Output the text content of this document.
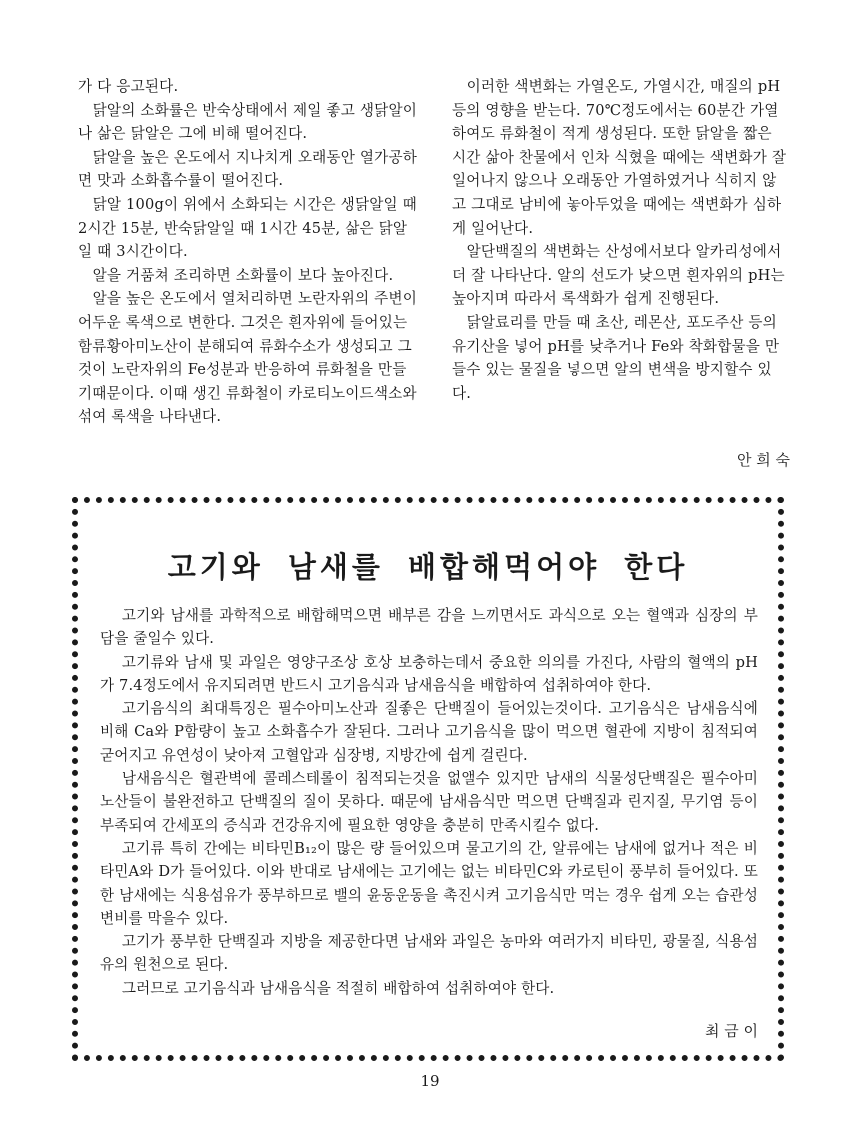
가 다 응고된다.

닭알의 소화률은 반숙상태에서 제일 좋고 생닭알이나 삶은 닭알은 그에 비해 떨어진다.

닭알을 높은 온도에서 지나치게 오래동안 열가공하면 맛과 소화흡수률이 떨어진다.

닭알 100g이 위에서 소화되는 시간은 생닭알일 때 2시간 15분, 반숙닭알일 때 1시간 45분, 삶은 닭알일 때 3시간이다.

알을 거품쳐 조리하면 소화률이 보다 높아진다.

알을 높은 온도에서 열처리하면 노란자위의 주변이 어두운 록색으로 변한다. 그것은 흰자위에 들어있는 함류황아미노산이 분해되여 류화수소가 생성되고 그것이 노란자위의 Fe성분과 반응하여 류화철을 만들기때문이다. 이때 생긴 류화철이 카로티노이드색소와 섞여 록색을 나타낸다.

이러한 색변화는 가열온도, 가열시간, 매질의 pH 등의 영향을 받는다. 70℃정도에서는 60분간 가열하여도 류화철이 적게 생성된다. 또한 닭알을 짧은 시간 삶아 찬물에서 인차 식혔을 때에는 색변화가 잘 일어나지 않으나 오래동안 가열하였거나 식히지 않고 그대로 남비에 놓아두었을 때에는 색변화가 심하게 일어난다.

알단백질의 색변화는 산성에서보다 알카리성에서 더 잘 나타난다. 알의 선도가 낮으면 흰자위의 pH는 높아지며 따라서 록색화가 쉽게 진행된다.

닭알료리를 만들 때 초산, 레몬산, 포도주산 등의 유기산을 넣어 pH를 낮추거나 Fe와 착화합물을 만들수 있는 물질을 넣으면 알의 변색을 방지할수 있다.

안 희 숙
고기와 남새를 배합해먹어야 한다

고기와 남새를 과학적으로 배합해먹으면 배부른 감을 느끼면서도 과식으로 오는 혈액과 심장의 부담을 줄일수 있다.

고기류와 남새 및 과일은 영양구조상 호상 보충하는데서 중요한 의의를 가진다, 사람의 혈액의 pH가 7.4정도에서 유지되려면 반드시 고기음식과 남새음식을 배합하여 섭취하여야 한다.

고기음식의 최대특징은 필수아미노산과 질좋은 단백질이 들어있는것이다. 고기음식은 남새음식에 비해 Ca와 P함량이 높고 소화흡수가 잘된다. 그러나 고기음식을 많이 먹으면 혈관에 지방이 침적되여 굳어지고 유연성이 낮아져 고혈압과 심장병, 지방간에 쉽게 걸린다.

남새음식은 혈관벽에 콜레스테롤이 침적되는것을 없앨수 있지만 남새의 식물성단백질은 필수아미노산들이 불완전하고 단백질의 질이 못하다. 때문에 남새음식만 먹으면 단백질과 린지질, 무기염 등이 부족되여 간세포의 증식과 건강유지에 필요한 영양을 충분히 만족시킬수 없다.

고기류 특히 간에는 비타민B₁₂이 많은 량 들어있으며 물고기의 간, 알류에는 남새에 없거나 적은 비타민A와 D가 들어있다. 이와 반대로 남새에는 고기에는 없는 비타민C와 카로틴이 풍부히 들어있다. 또한 남새에는 식용섬유가 풍부하므로 밸의 윤동운동을 촉진시켜 고기음식만 먹는 경우 쉽게 오는 습관성변비를 막을수 있다.

고기가 풍부한 단백질과 지방을 제공한다면 남새와 과일은 농마와 여러가지 비타민, 광물질, 식용섬유의 원천으로 된다.

그러므로 고기음식과 남새음식을 적절히 배합하여 섭취하여야 한다.

최 금 이
19
